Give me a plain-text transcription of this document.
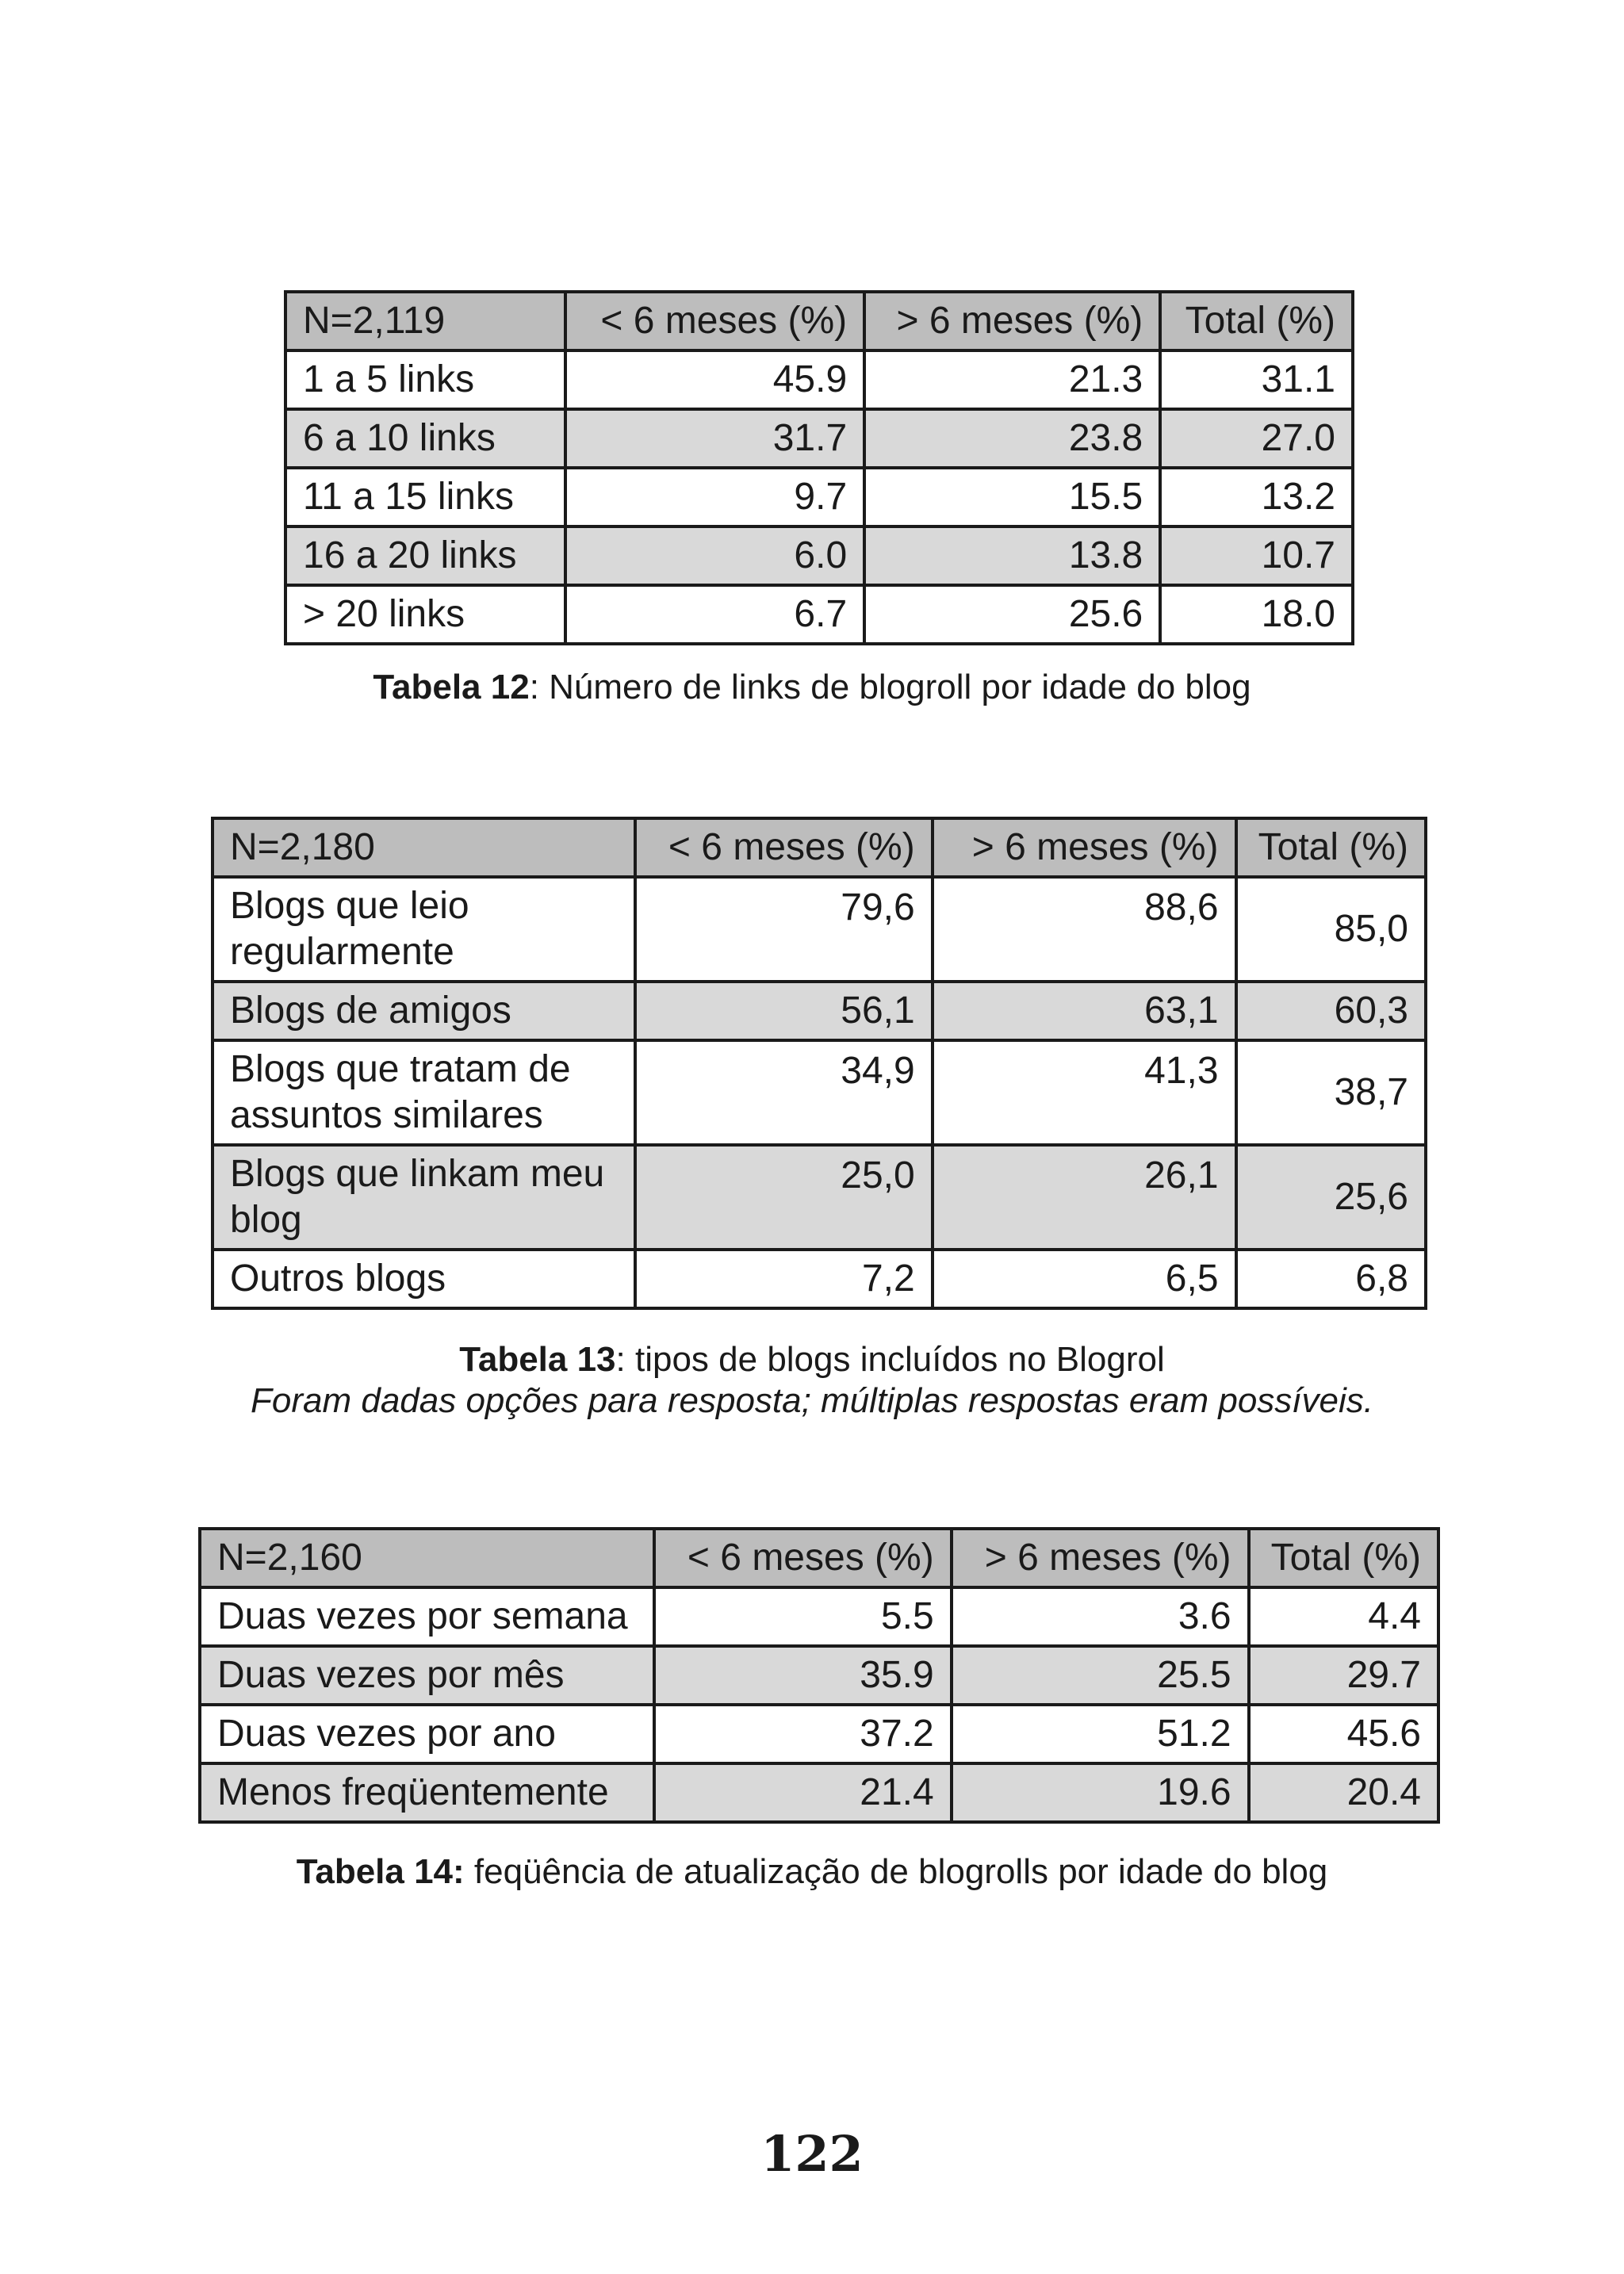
N=2,119	< 6 meses (%)	> 6 meses (%)	Total (%)
1 a 5 links	45.9	21.3	31.1
6 a 10 links	31.7	23.8	27.0
11 a 15 links	9.7	15.5	13.2
16 a 20 links	6.0	13.8	10.7
> 20 links	6.7	25.6	18.0
Tabela 12: Número de links de blogroll por idade do blog
N=2,180	< 6 meses (%)	> 6 meses (%)	Total (%)
Blogs que leio regularmente	79,6	88,6	85,0
Blogs de amigos	56,1	63,1	60,3
Blogs que tratam de assuntos similares	34,9	41,3	38,7
Blogs que linkam meu blog	25,0	26,1	25,6
Outros blogs	7,2	6,5	6,8
Tabela 13: tipos de blogs incluídos no Blogrol
Foram dadas opções para resposta; múltiplas respostas eram possíveis.
N=2,160	< 6 meses (%)	> 6 meses (%)	Total (%)
Duas vezes por semana	5.5	3.6	4.4
Duas vezes por mês	35.9	25.5	29.7
Duas vezes por ano	37.2	51.2	45.6
Menos freqüentemente	21.4	19.6	20.4
Tabela 14: feqüência de atualização de blogrolls por idade do blog
122
